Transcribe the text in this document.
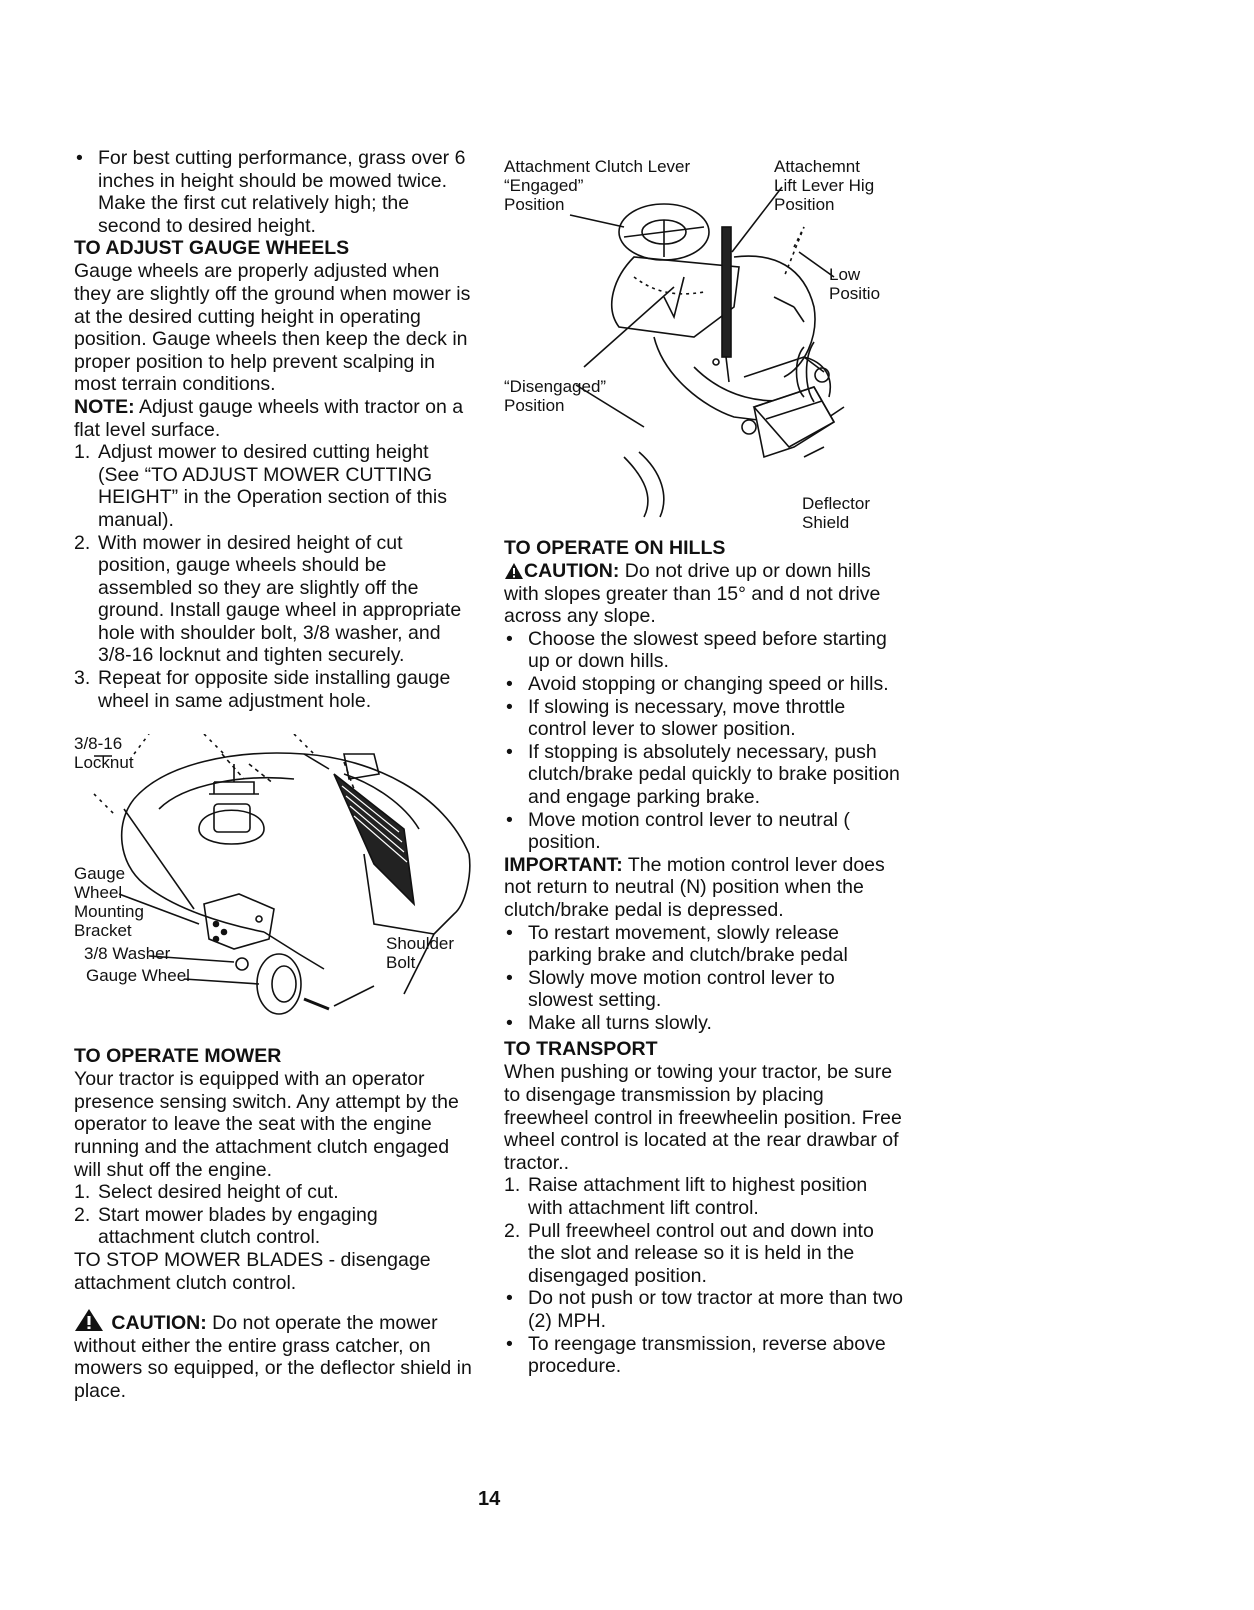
• For best cutting performance, grass over 6 inches in height should be mowed twice. Make the first cut relatively high; the second to desired height.
TO ADJUST GAUGE WHEELS

Gauge wheels are properly adjusted when they are slightly off the ground when mower is at the desired cutting height in operating position. Gauge wheels then keep the deck in proper position to help prevent scalping in most terrain conditions.

NOTE: Adjust gauge wheels with tractor on a flat level surface.

1. Adjust mower to desired cutting height (See “TO ADJUST MOWER CUTTING HEIGHT” in the Operation section of this manual).
2. With mower in desired height of cut position, gauge wheels should be assembled so they are slightly off the ground. Install gauge wheel in appropriate hole with shoulder bolt, 3/8 washer, and 3/8-16 locknut and tighten securely.
3. Repeat for opposite side installing gauge wheel in same adjustment hole.
3/8-16
Locknut
Gauge
Wheel
Mounting
Bracket
3/8 Washer
Gauge Wheel
Shoulder
Bolt
TO OPERATE MOWER

Your tractor is equipped with an operator presence sensing switch. Any attempt by the operator to leave the seat with the engine running and the attachment clutch engaged will shut off the engine.

1. Select desired height of cut.
2. Start mower blades by engaging attachment clutch control.

TO STOP MOWER BLADES - disengage attachment clutch control.

CAUTION: Do not operate the mower without either the entire grass catcher, on mowers so equipped, or the deflector shield in place.

Attachment Clutch Lever
“Engaged”
Position
Attachemnt
Lift Lever Hig
Position
Low
Positio
“Disengaged”
Position
Deflector
Shield
TO OPERATE ON HILLS

CAUTION: Do not drive up or down hills with slopes greater than 15° and d not drive across any slope.

• Choose the slowest speed before starting up or down hills.
• Avoid stopping or changing speed or hills.
• If slowing is necessary, move throttle control lever to slower position.
• If stopping is absolutely necessary, push clutch/brake pedal quickly to brake position and engage parking brake.
• Move motion control lever to neutral ( position.

IMPORTANT: The motion control lever does not return to neutral (N) position when the clutch/brake pedal is depressed.

• To restart movement, slowly release parking brake and clutch/brake pedal
• Slowly move motion control lever to slowest setting.
• Make all turns slowly.
TO TRANSPORT

When pushing or towing your tractor, be sure to disengage transmission by placing freewheel control in freewheelin position. Free wheel control is located at the rear drawbar of tractor..

1. Raise attachment lift to highest position with attachment lift control.
2. Pull freewheel control out and down into the slot and release so it is held in the disengaged position.
• Do not push or tow tractor at more than two (2) MPH.
• To reengage transmission, reverse above procedure.
14
